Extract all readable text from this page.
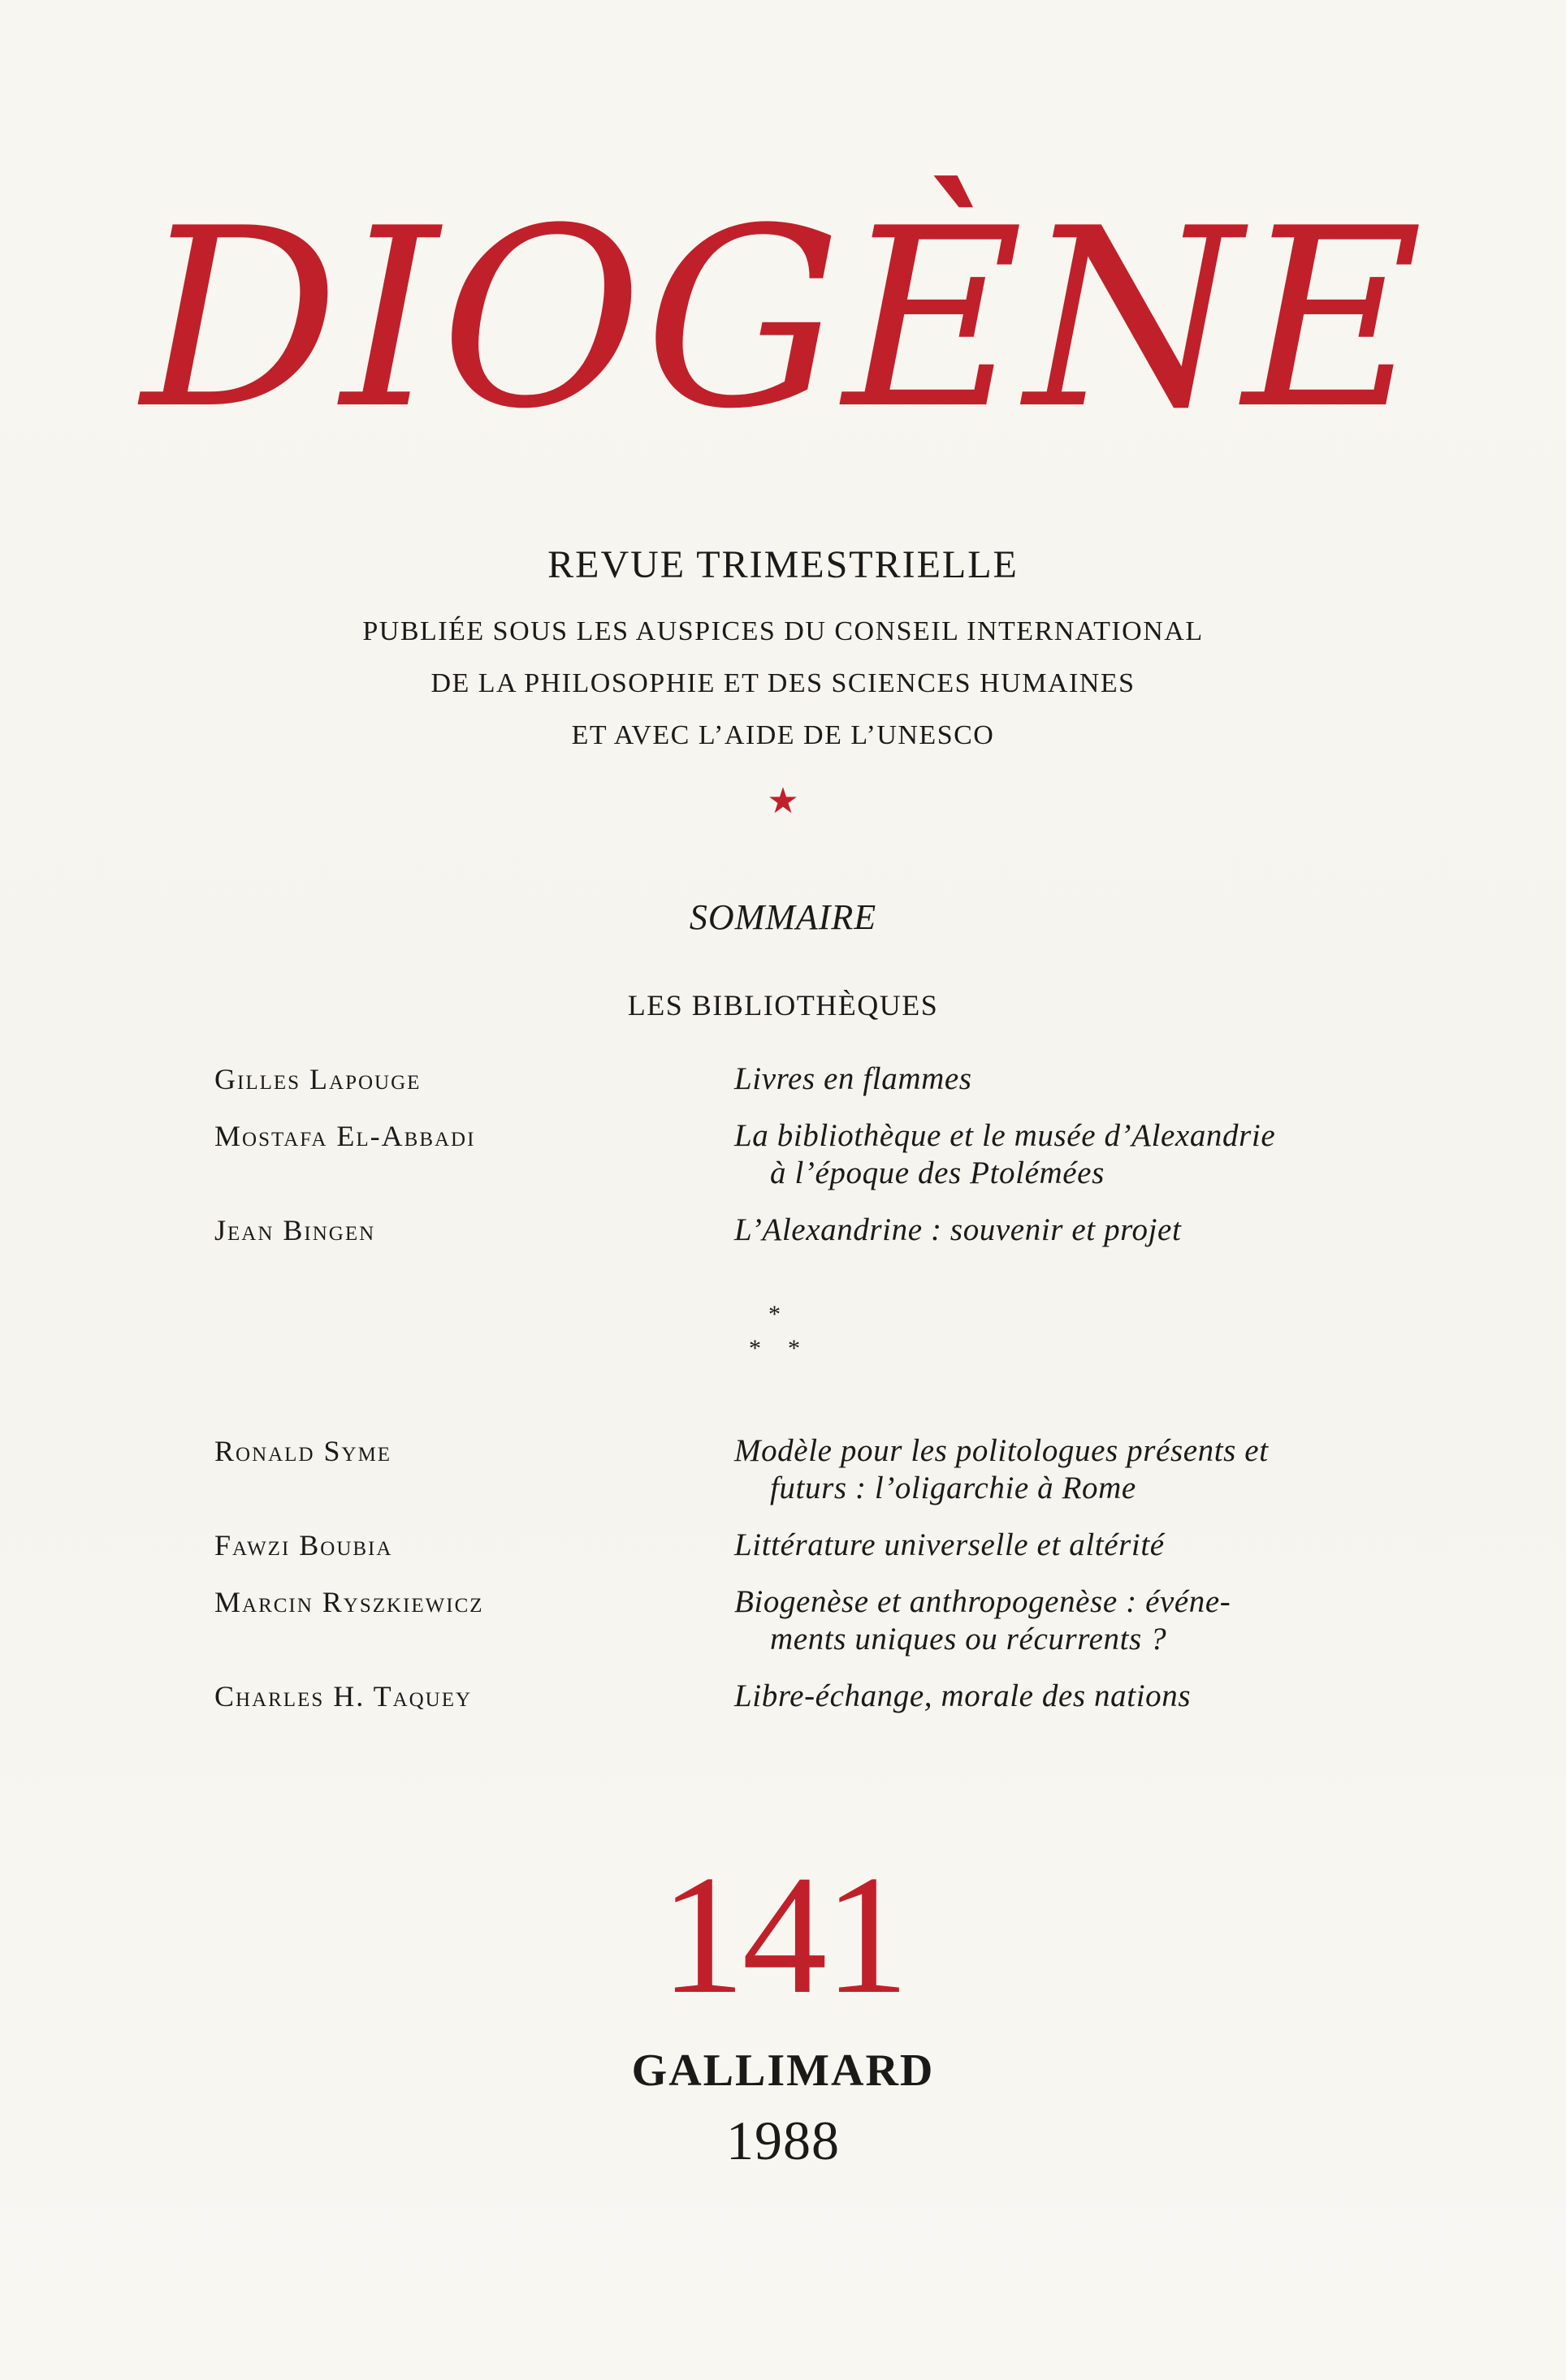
DIOGÈNE
REVUE TRIMESTRIELLE
PUBLIÉE SOUS LES AUSPICES DU CONSEIL INTERNATIONAL
DE LA PHILOSOPHIE ET DES SCIENCES HUMAINES
ET AVEC L’AIDE DE L’UNESCO
★
SOMMAIRE
LES BIBLIOTHÈQUES
Gilles Lapouge	Livres en flammes
Mostafa El-Abbadi	La bibliothèque et le musée d’Alexandrie
à l’époque des Ptolémées
Jean Bingen	L’Alexandrine : souvenir et projet
*
* *
Ronald Syme	Modèle pour les politologues présents et
futurs : l’oligarchie à Rome
Fawzi Boubia	Littérature universelle et altérité
Marcin Ryszkiewicz	Biogenèse et anthropogenèse : événe-
ments uniques ou récurrents ?
Charles H. Taquey	Libre-échange, morale des nations
141
GALLIMARD
1988
